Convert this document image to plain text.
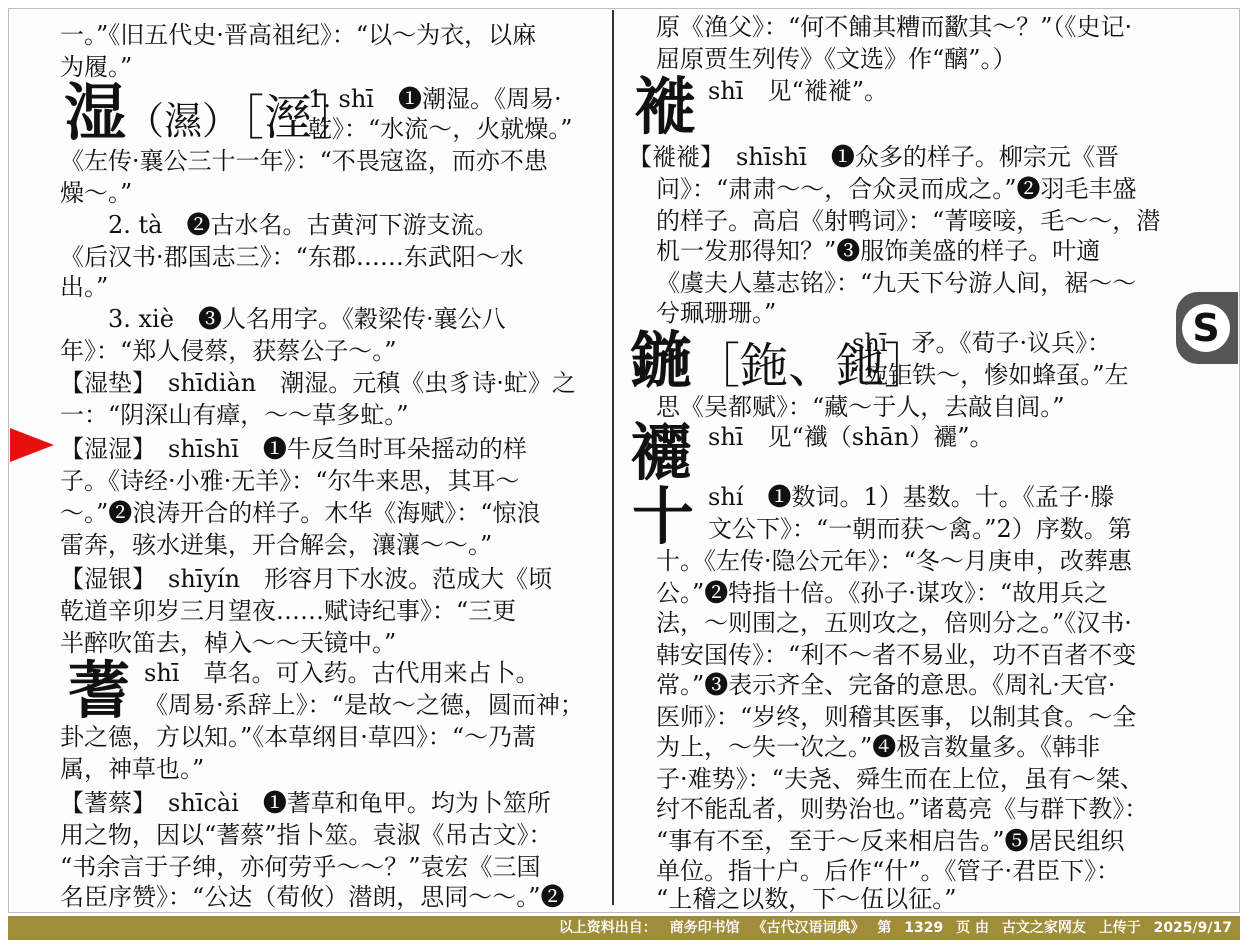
一。”《旧五代史·晋高祖纪》：“以～为衣，以麻
为履。”
湿（濕）［溼］
1. shī　❶潮湿。《周易·
乾》：“水流～，火就燥。”
《左传·襄公三十一年》：“不畏寇盗，而亦不患
燥～。”
　　2. tà　❷古水名。古黄河下游支流。
《后汉书·郡国志三》：“东郡……东武阳～水
出。”
　　3. xiè　❸人名用字。《穀梁传·襄公八
年》：“郑人侵蔡，获蔡公子～。”
【湿垫】　shīdiàn　潮湿。元稹《虫豸诗·虻》之
一：“阴深山有瘴，～～草多虻。”
【湿湿】　shīshī　❶牛反刍时耳朵摇动的样
子。《诗经·小雅·无羊》：“尔牛来思，其耳～
～。”❷浪涛开合的样子。木华《海赋》：“惊浪
雷奔，骇水迸集，开合解会，瀼瀼～～。”
【湿银】　shīyín　形容月下水波。范成大《顷
乾道辛卯岁三月望夜……赋诗纪事》：“三更
半醉吹笛去，棹入～～天镜中。”
蓍 shī　草名。可入药。古代用来占卜。
《周易·系辞上》：“是故～之德，圆而神；
卦之德，方以知。”《本草纲目·草四》：“～乃蒿
属，神草也。”
【蓍蔡】　shīcài　❶蓍草和龟甲。均为卜筮所
用之物，因以“蓍蔡”指卜筮。袁淑《吊古文》：
“书余言于子绅，亦何劳乎～～？”袁宏《三国
名臣序赞》：“公达（荀攸）潜朗，思同～～。”❷
原《渔父》：“何不餔其糟而歠其～？”（《史记·
屈原贾生列传》《文选》作“醨”。）
褷 shī　见“褷褷”。
【褷褷】　shīshī　❶众多的样子。柳宗元《晋
问》：“肃肃～～，合众灵而成之。”❷羽毛丰盛
的样子。高启《射鸭词》：“菁唼唼，毛～～，潜
机一发那得知？”❸服饰美盛的样子。叶適
《虞夫人墓志铭》：“九天下兮游人间，裾～～
兮珮珊珊。”
鍦［鉇、釶］
shī　矛。《荀子·议兵》：
“宛钜铁～，惨如蜂虿。”左
思《吴都赋》：“藏～于人，去敲自闾。”
襹 shī　见“襳（shān）襹”。
十 shí　❶数词。1）基数。十。《孟子·滕
文公下》：“一朝而获～禽。”2）序数。第
十。《左传·隐公元年》：“冬～月庚申，改葬惠
公。”❷特指十倍。《孙子·谋攻》：“故用兵之
法，～则围之，五则攻之，倍则分之。”《汉书·
韩安国传》：“利不～者不易业，功不百者不变
常。”❸表示齐全、完备的意思。《周礼·天官·
医师》：“岁终，则稽其医事，以制其食。～全
为上，～失一次之。”❹极言数量多。《韩非
子·难势》：“夫尧、舜生而在上位，虽有～桀、
纣不能乱者，则势治也。”诸葛亮《与群下教》：
“事有不至，至于～反来相启告。”❺居民组织
单位。指十户。后作“什”。《管子·君臣下》：
“上稽之以数，下～伍以征。”
S
以上资料出自： 商务印书馆 《古代汉语词典》 第 1329 页 由 古文之家网友 上传于 2025/9/17
